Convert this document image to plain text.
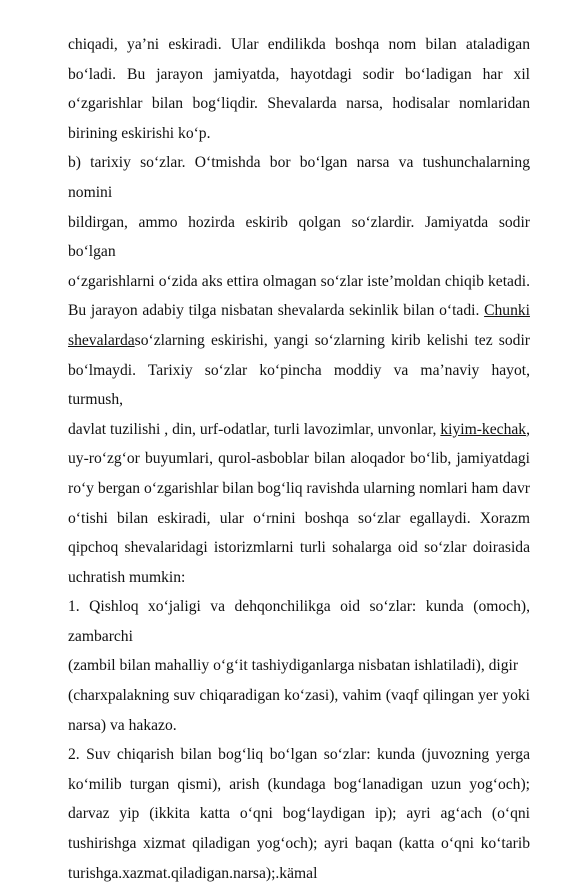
chiqadi, ya’ni eskiradi. Ular endilikda boshqa nom bilan ataladigan
bo‘ladi. Bu jarayon jamiyatda, hayotdagi sodir bo‘ladigan har xil
o‘zgarishlar bilan bog‘liqdir. Shevalarda narsa, hodisalar nomlaridan
birining eskirishi ko‘p.
b) tarixiy so‘zlar. O‘tmishda bor bo‘lgan narsa va tushunchalarning nomini
bildirgan, ammo hozirda eskirib qolgan so‘zlardir. Jamiyatda sodir bo‘lgan
o‘zgarishlarni o‘zida aks ettira olmagan so‘zlar iste’moldan chiqib ketadi.
Bu jarayon adabiy tilga nisbatan shevalarda sekinlik bilan o‘tadi. Chunki
shevalardaso‘zlarning eskirishi, yangi so‘zlarning kirib kelishi tez sodir
bo‘lmaydi. Tarixiy so‘zlar ko‘pincha moddiy va ma’naviy hayot, turmush,
davlat tuzilishi , din, urf-odatlar, turli lavozimlar, unvonlar, kiyim-kechak,
uy-ro‘zg‘or buyumlari, qurol-asboblar bilan aloqador bo‘lib, jamiyatdagi
ro‘y bergan o‘zgarishlar bilan bog‘liq ravishda ularning nomlari ham davr
o‘tishi bilan eskiradi, ular o‘rnini boshqa so‘zlar egallaydi. Xorazm
qipchoq shevalaridagi istorizmlarni turli sohalarga oid so‘zlar doirasida
uchratish mumkin:
1. Qishloq xo‘jaligi va dehqonchilikga oid so‘zlar: kunda (omoch),
zambarchi
(zambil bilan mahalliy o‘g‘it tashiydiganlarga nisbatan ishlatiladi), digir
(charxpalakning suv chiqaradigan ko‘zasi), vahim (vaqf qilingan yer yoki
narsa) va hakazo.
2. Suv chiqarish bilan bog‘liq bo‘lgan so‘zlar: kunda (juvozning yerga
ko‘milib turgan qismi), arish (kundaga bog‘lanadigan uzun yog‘och);
darvaz yip (ikkita katta o‘qni bog‘laydigan ip); ayri ag‘ach (o‘qni
tushirishga xizmat qiladigan yog‘och); ayri baqan (katta o‘qni ko‘tarib
turishga.xazmat.qiladigan.narsa);.kämal
